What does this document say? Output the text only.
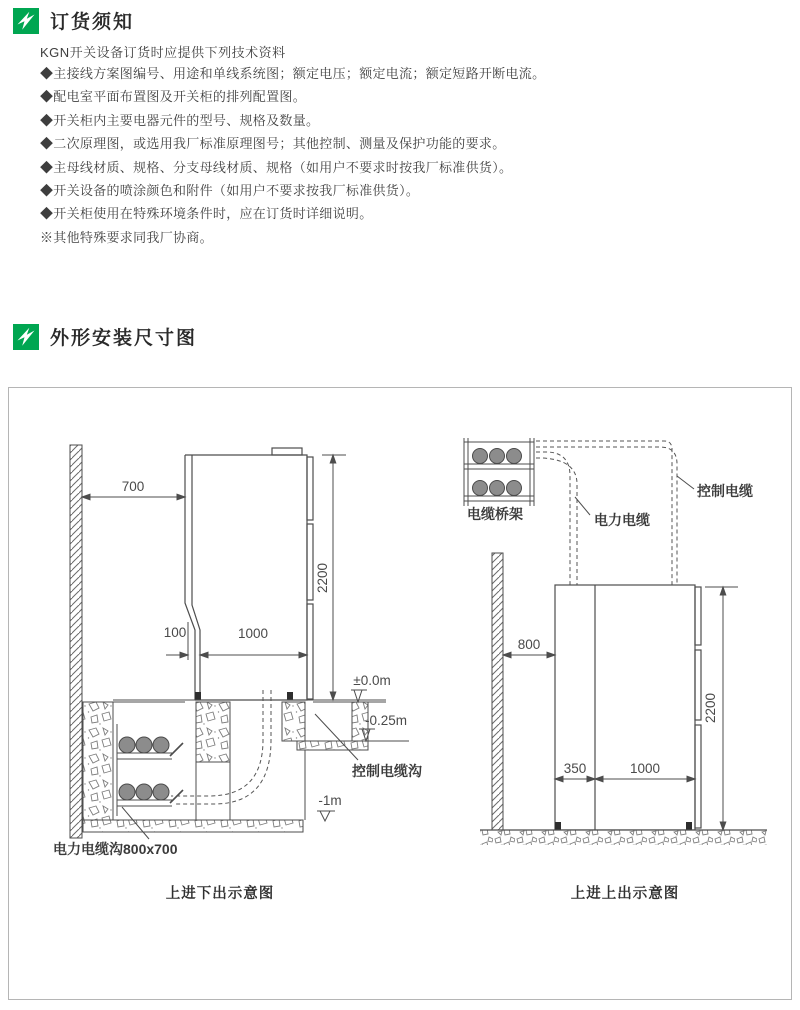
订货须知
KGN开关设备订货时应提供下列技术资料
◆主接线方案图编号、用途和单线系统图；额定电压；额定电流；额定短路开断电流。
◆配电室平面布置图及开关柜的排列配置图。
◆开关柜内主要电器元件的型号、规格及数量。
◆二次原理图，或选用我厂标准原理图号；其他控制、测量及保护功能的要求。
◆主母线材质、规格、分支母线材质、规格（如用户不要求时按我厂标准供货）。
◆开关设备的喷涂颜色和附件（如用户不要求按我厂标准供货）。
◆开关柜使用在特殊环境条件时，应在订货时详细说明。
※其他特殊要求同我厂协商。
外形安装尺寸图
±0.0m
-0.25m
-1m
700
100	1000
2200
控制电缆沟
电力电缆沟800x700
上进下出示意图
电缆桥架	电力电缆
控制电缆
800
350	1000
2200
上进上出示意图
